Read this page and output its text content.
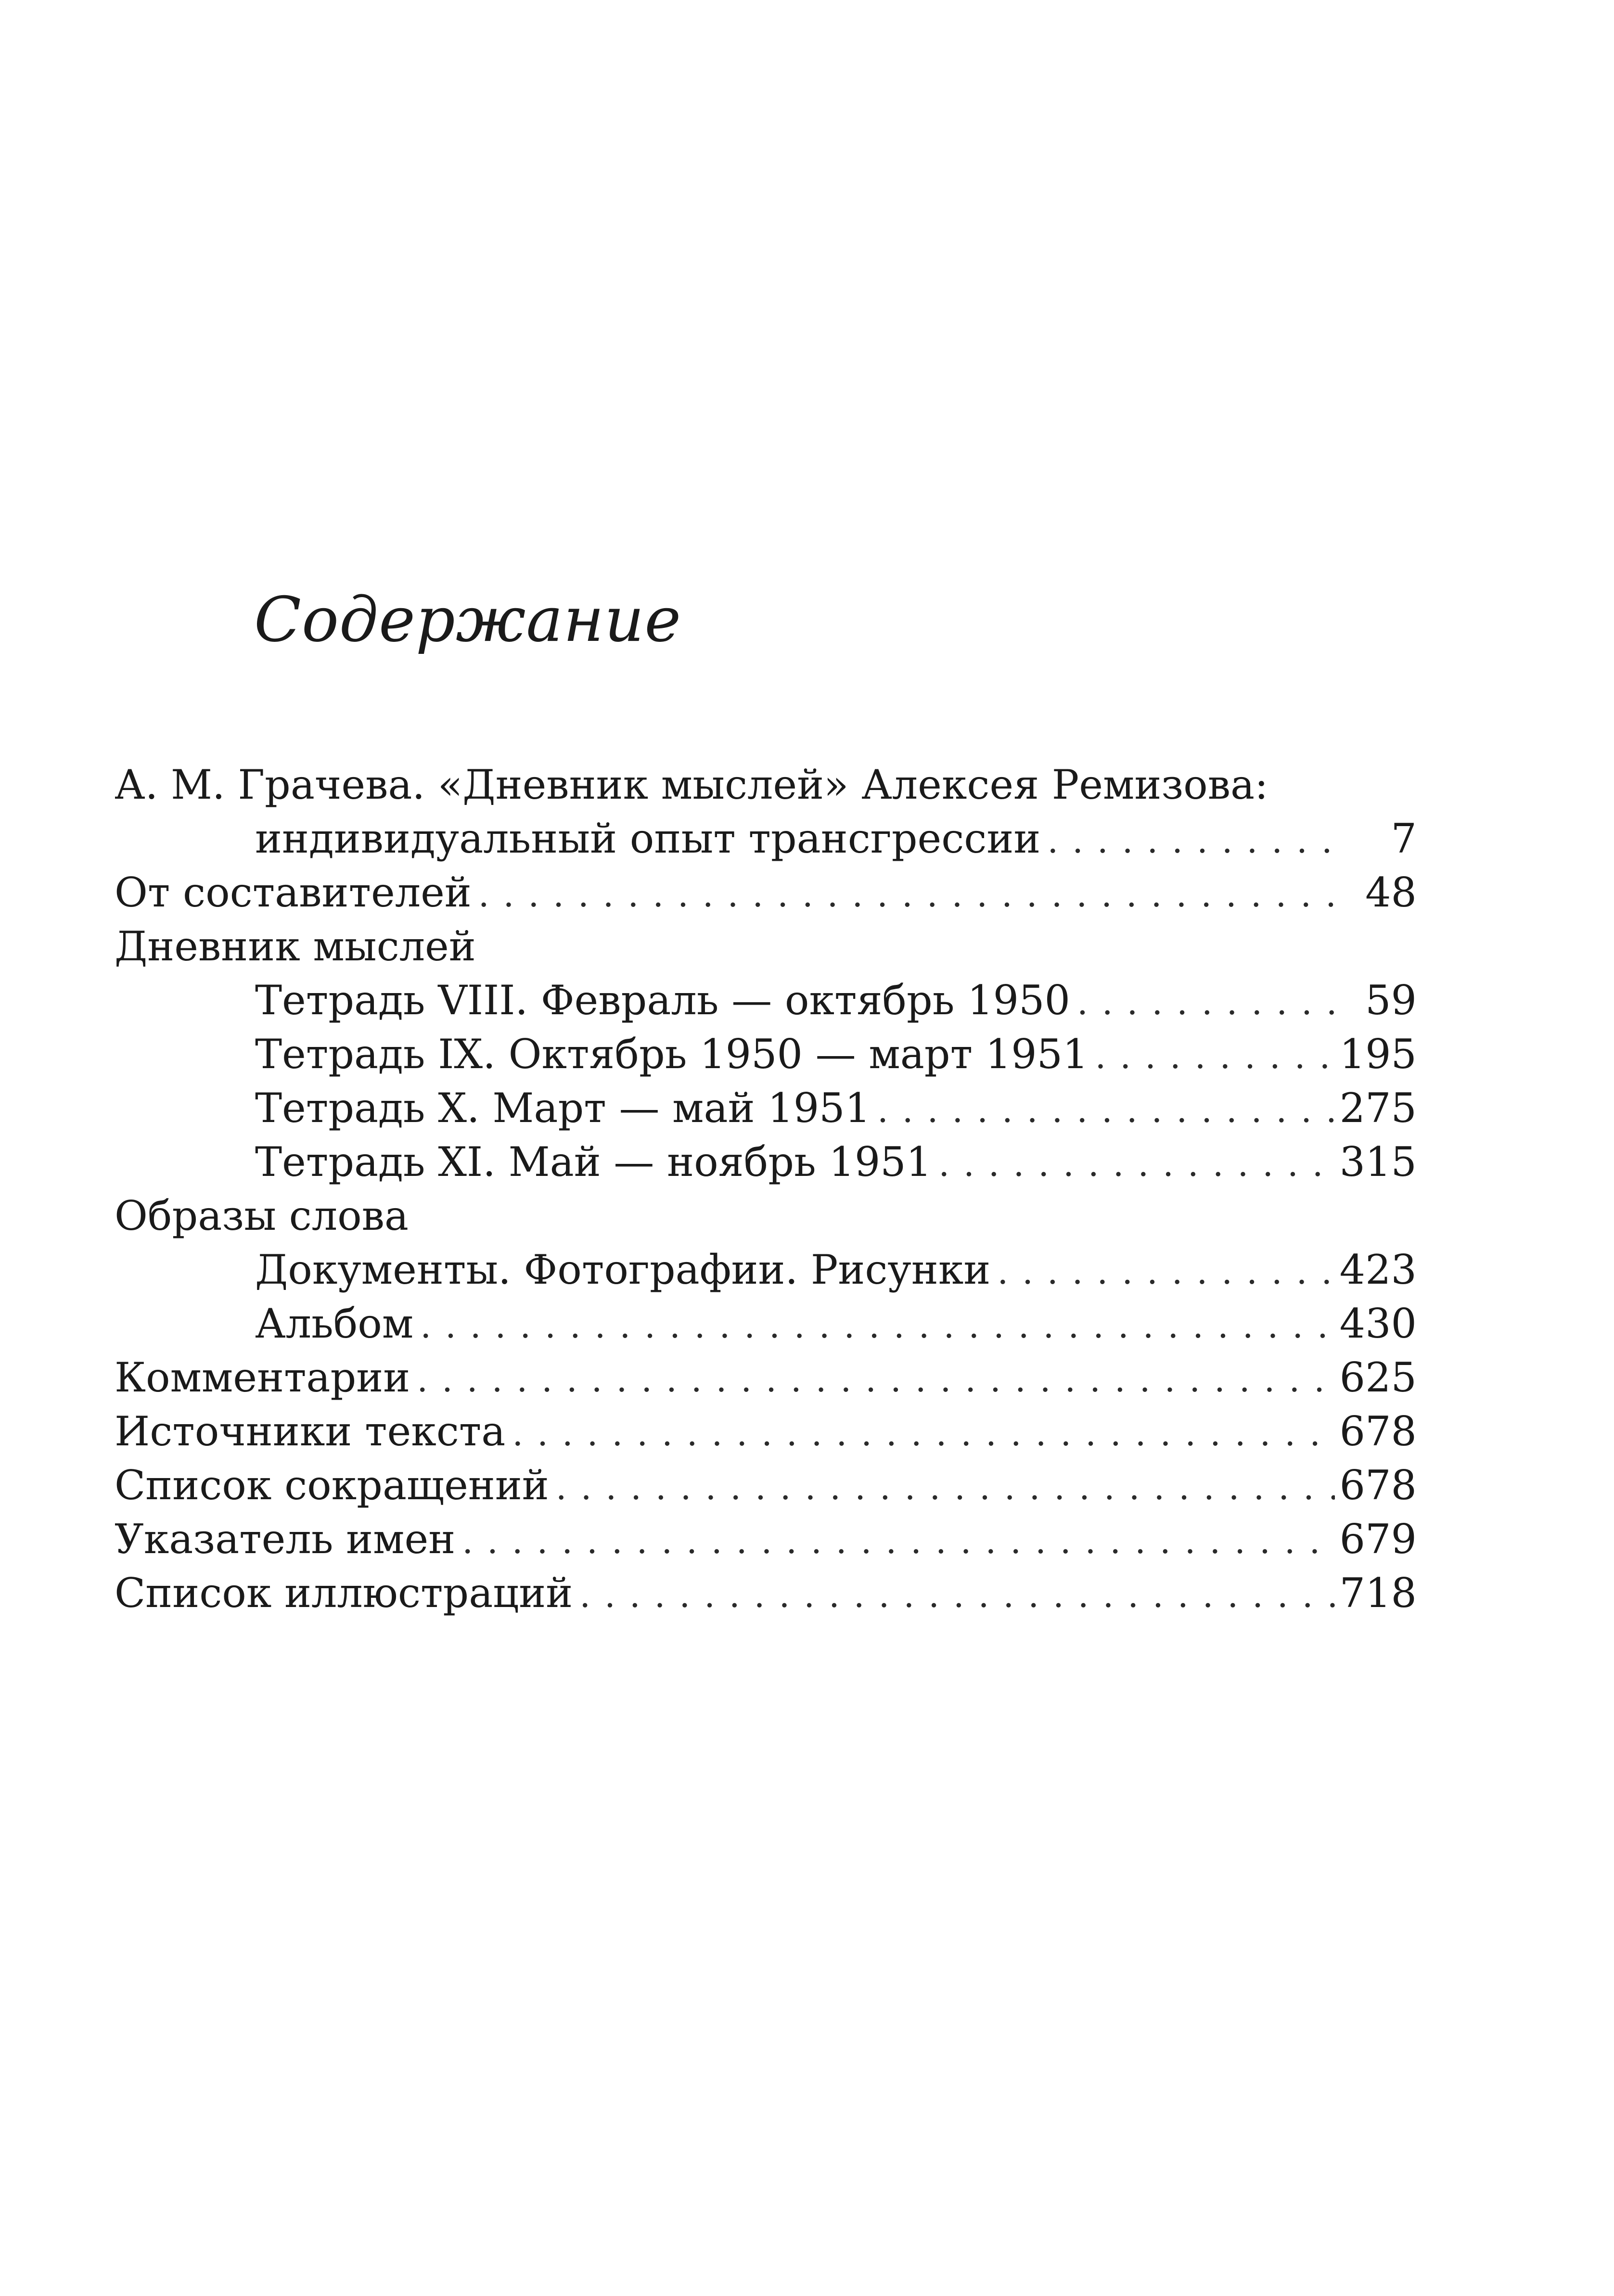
Содержание
А. М. Грачева. «Дневник мыслей» Алексея Ремизова:
индивидуальный опыт трансгрессии . . .	7
От составителей . . .	48
Дневник мыслей
Тетрадь VIII. Февраль — октябрь 1950 . . .	59
Тетрадь IX. Октябрь 1950 — март 1951 . . .	195
Тетрадь X. Март — май 1951 . . .	275
Тетрадь XI. Май — ноябрь 1951 . . .	315
Образы слова
Документы. Фотографии. Рисунки . . .	423
Альбом . . .	430
Комментарии . . .	625
Источники текста . . .	678
Список сокращений . . .	678
Указатель имен . . .	679
Список иллюстраций . . .	718
